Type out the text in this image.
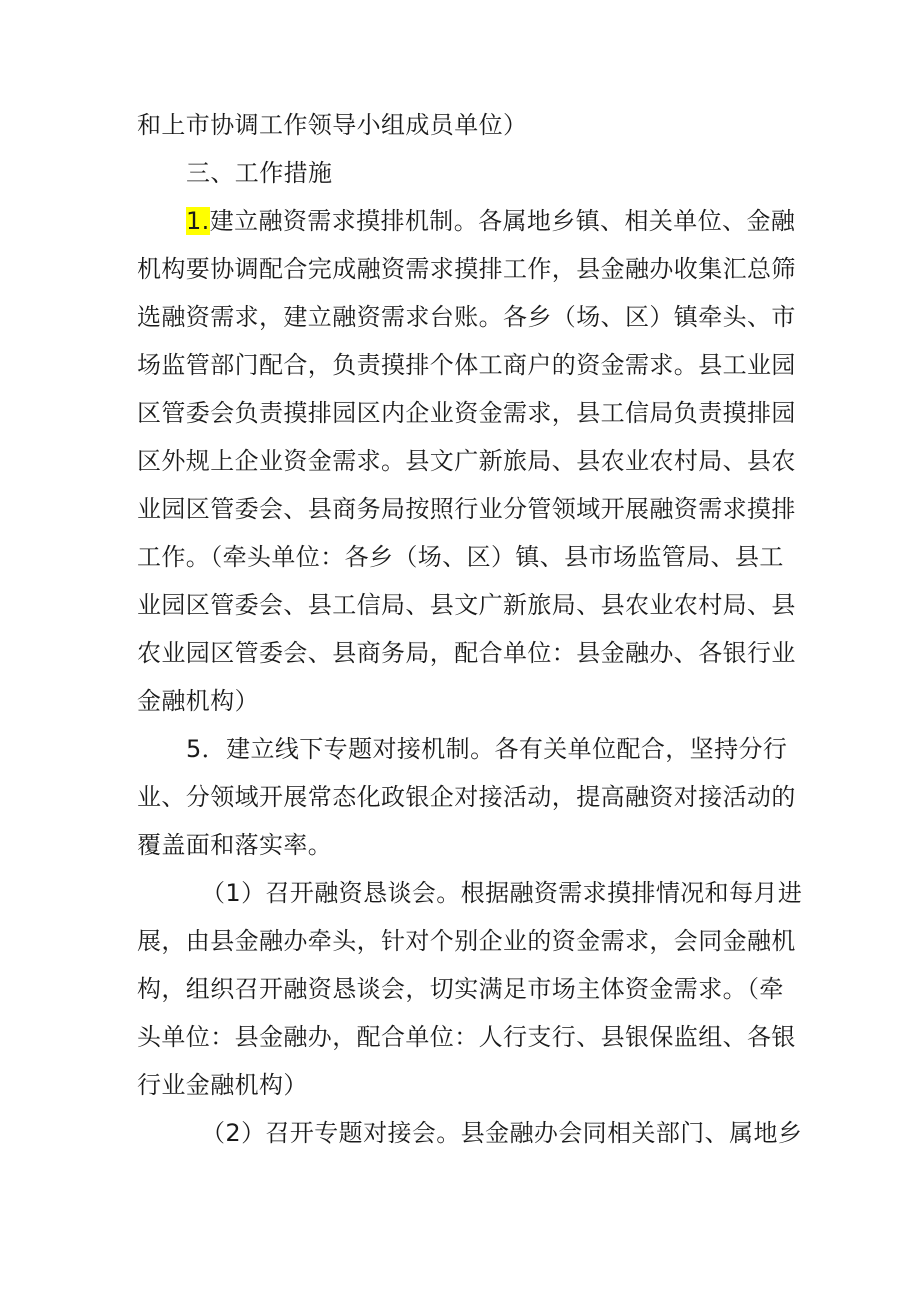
和上市协调工作领导小组成员单位）
三、工作措施
1.建立融资需求摸排机制。各属地乡镇、相关单位、金融
机构要协调配合完成融资需求摸排工作，县金融办收集汇总筛
选融资需求，建立融资需求台账。各乡（场、区）镇牵头、市
场监管部门配合，负责摸排个体工商户的资金需求。县工业园
区管委会负责摸排园区内企业资金需求，县工信局负责摸排园
区外规上企业资金需求。县文广新旅局、县农业农村局、县农
业园区管委会、县商务局按照行业分管领域开展融资需求摸排
工作。（牵头单位：各乡（场、区）镇、县市场监管局、县工
业园区管委会、县工信局、县文广新旅局、县农业农村局、县
农业园区管委会、县商务局，配合单位：县金融办、各银行业
金融机构）
5．建立线下专题对接机制。各有关单位配合，坚持分行
业、分领域开展常态化政银企对接活动，提高融资对接活动的
覆盖面和落实率。
（1）召开融资恳谈会。根据融资需求摸排情况和每月进
展，由县金融办牵头，针对个别企业的资金需求，会同金融机
构，组织召开融资恳谈会，切实满足市场主体资金需求。（牵
头单位：县金融办，配合单位：人行支行、县银保监组、各银
行业金融机构）
（2）召开专题对接会。县金融办会同相关部门、属地乡
